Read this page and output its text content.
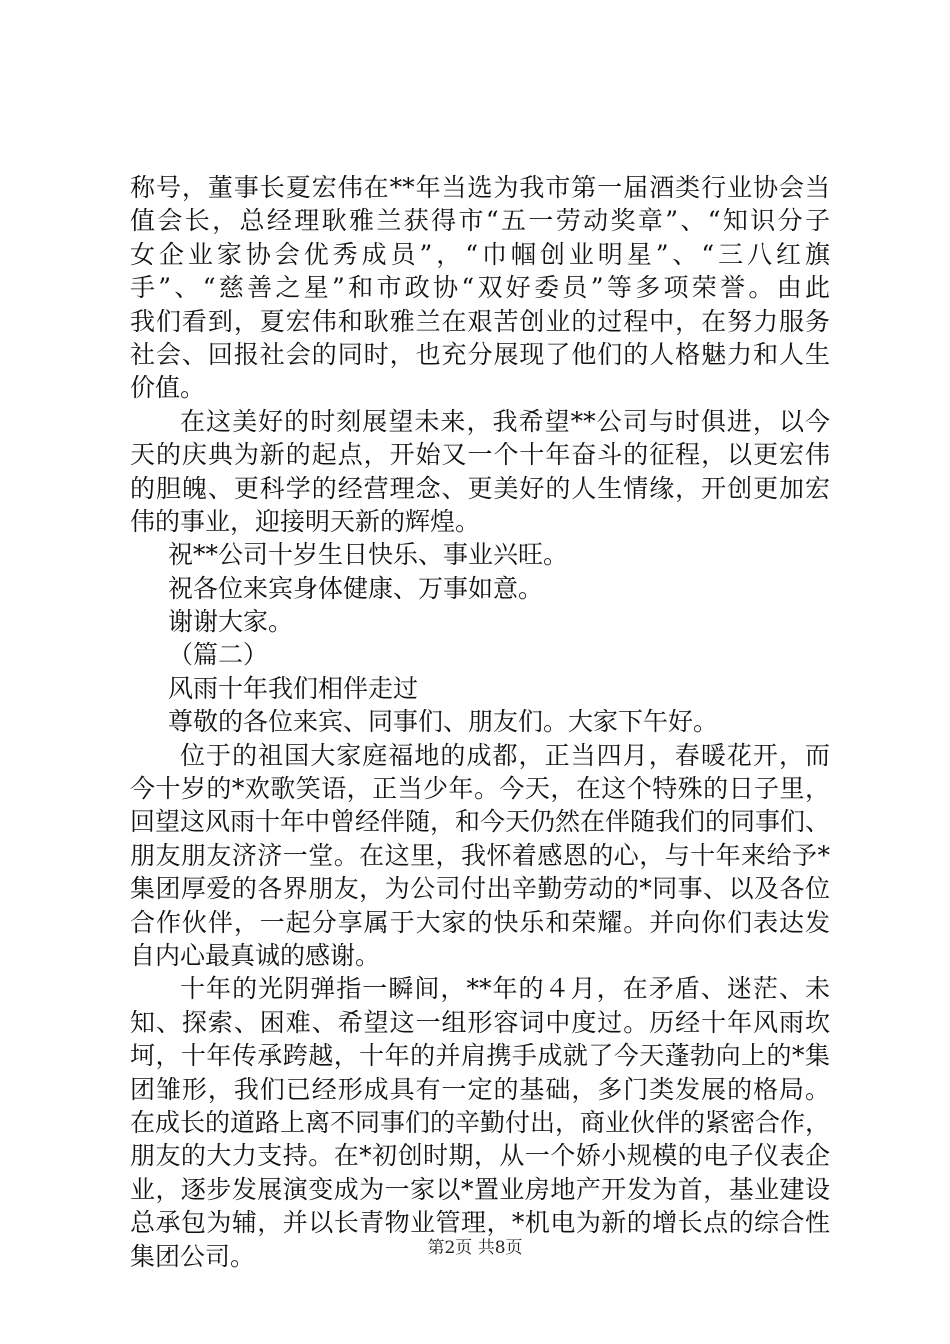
称号，董事长夏宏伟在**年当选为我市第一届酒类行业协会当
值会长，总经理耿雅兰获得市“五一劳动奖章”、“知识分子
女企业家协会优秀成员”，“巾帼创业明星”、“三八红旗
手”、“慈善之星”和市政协“双好委员”等多项荣誉。由此
我们看到，夏宏伟和耿雅兰在艰苦创业的过程中，在努力服务
社会、回报社会的同时，也充分展现了他们的人格魅力和人生
价值。
在这美好的时刻展望未来，我希望**公司与时俱进，以今
天的庆典为新的起点，开始又一个十年奋斗的征程，以更宏伟
的胆魄、更科学的经营理念、更美好的人生情缘，开创更加宏
伟的事业，迎接明天新的辉煌。
祝**公司十岁生日快乐、事业兴旺。
祝各位来宾身体健康、万事如意。
谢谢大家。
（篇二）
风雨十年我们相伴走过
尊敬的各位来宾、同事们、朋友们。大家下午好。
位于的祖国大家庭福地的成都，正当四月，春暖花开，而
今十岁的*欢歌笑语，正当少年。今天，在这个特殊的日子里，
回望这风雨十年中曾经伴随，和今天仍然在伴随我们的同事们、
朋友朋友济济一堂。在这里，我怀着感恩的心，与十年来给予*
集团厚爱的各界朋友，为公司付出辛勤劳动的*同事、以及各位
合作伙伴，一起分享属于大家的快乐和荣耀。并向你们表达发
自内心最真诚的感谢。
十年的光阴弹指一瞬间，**年的４月，在矛盾、迷茫、未
知、探索、困难、希望这一组形容词中度过。历经十年风雨坎
坷，十年传承跨越，十年的并肩携手成就了今天蓬勃向上的*集
团雏形，我们已经形成具有一定的基础，多门类发展的格局。
在成长的道路上离不同事们的辛勤付出，商业伙伴的紧密合作，
朋友的大力支持。在*初创时期，从一个娇小规模的电子仪表企
业，逐步发展演变成为一家以*置业房地产开发为首，基业建设
总承包为辅，并以长青物业管理，*机电为新的增长点的综合性
集团公司。	第2页 共8页
